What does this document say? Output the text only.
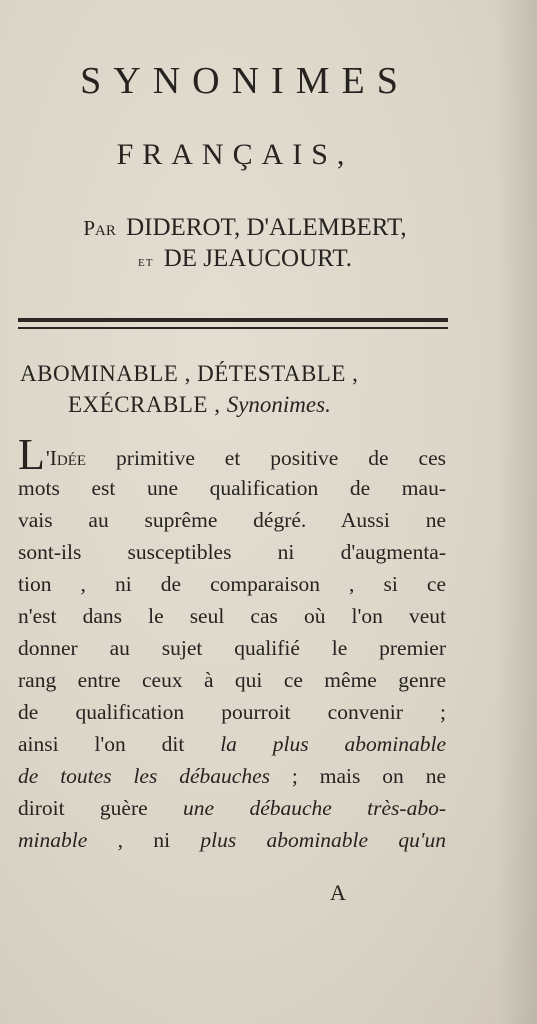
SYNONIMES
FRANÇAIS,
Par DIDEROT, D'ALEMBERT,
et DE JEAUCOURT.
ABOMINABLE , DÉTESTABLE ,
EXÉCRABLE , Synonimes.
L'Idée primitive et positive de ces
mots est une qualification de mau-
vais au suprême dégré. Aussi ne
sont-ils susceptibles ni d'augmenta-
tion , ni de comparaison , si ce
n'est dans le seul cas où l'on veut
donner au sujet qualifié le premier
rang entre ceux à qui ce même genre
de qualification pourroit convenir ;
ainsi l'on dit la plus abominable
de toutes les débauches ; mais on ne
diroit guère une débauche très-abo-
minable , ni plus abominable qu'un
A
